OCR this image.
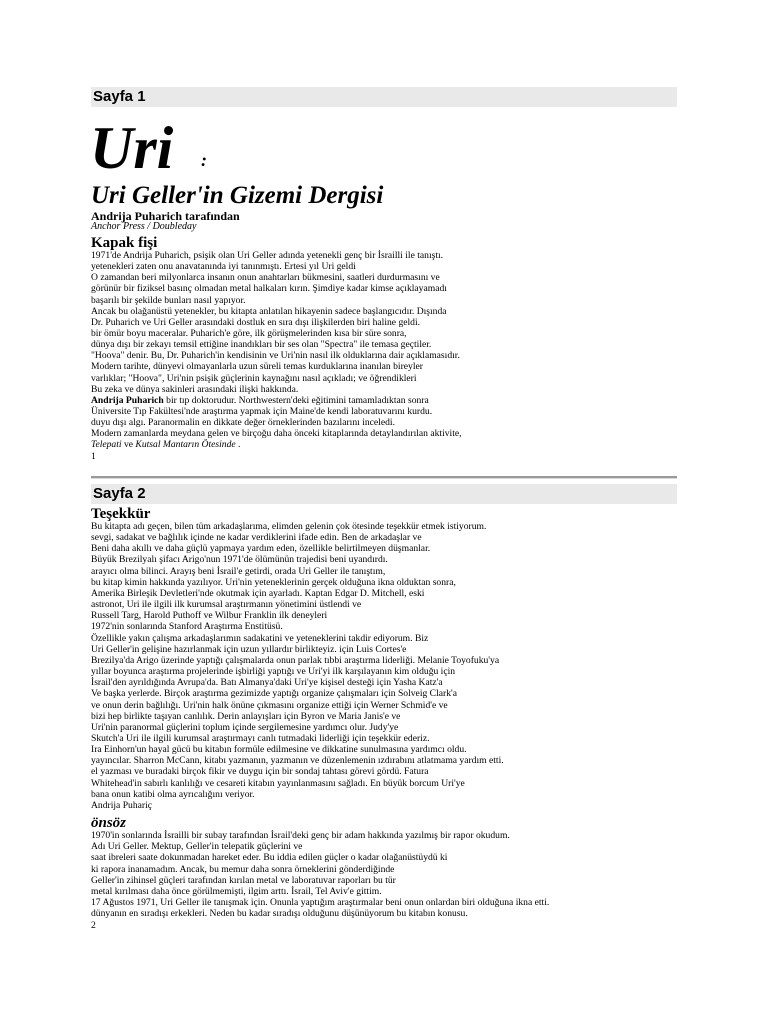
Sayfa 1
Uri :
Uri Geller'in Gizemi Dergisi
Andrija Puharich tarafından
Anchor Press / Doubleday
Kapak fişi
1971'de Andrija Puharich, psişik olan Uri Geller adında yetenekli genç bir İsrailli ile tanıştı.
yetenekleri zaten onu anavatanında iyi tanınmıştı. Ertesi yıl Uri geldi
O zamandan beri milyonlarca insanın onun anahtarları bükmesini, saatleri durdurmasını ve
görünür bir fiziksel basınç olmadan metal halkaları kırın. Şimdiye kadar kimse açıklayamadı
başarılı bir şekilde bunları nasıl yapıyor.
Ancak bu olağanüstü yetenekler, bu kitapta anlatılan hikayenin sadece başlangıcıdır. Dışında
Dr. Puharich ve Uri Geller arasındaki dostluk en sıra dışı ilişkilerden biri haline geldi.
bir ömür boyu maceralar. Puharich'e göre, ilk görüşmelerinden kısa bir süre sonra,
dünya dışı bir zekayı temsil ettiğine inandıkları bir ses olan "Spectra" ile temasa geçtiler.
"Hoova" denir. Bu, Dr. Puharich'in kendisinin ve Uri'nin nasıl ilk olduklarına dair açıklamasıdır.
Modern tarihte, dünyevi olmayanlarla uzun süreli temas kurduklarına inanılan bireyler
varlıklar; "Hoova", Uri'nin psişik güçlerinin kaynağını nasıl açıkladı; ve öğrendikleri
Bu zeka ve dünya sakinleri arasındaki ilişki hakkında.
Andrija Puharich bir tıp doktorudur. Northwestern'deki eğitimini tamamladıktan sonra
Üniversite Tıp Fakültesi'nde araştırma yapmak için Maine'de kendi laboratuvarını kurdu.
duyu dışı algı. Paranormalin en dikkate değer örneklerinden bazılarını inceledi.
Modern zamanlarda meydana gelen ve birçoğu daha önceki kitaplarında detaylandırılan aktivite,
Telepati ve Kutsal Mantarın Ötesinde .
1
Sayfa 2
Teşekkür
Bu kitapta adı geçen, bilen tüm arkadaşlarıma, elimden gelenin çok ötesinde teşekkür etmek istiyorum.
sevgi, sadakat ve bağlılık içinde ne kadar verdiklerini ifade edin. Ben de arkadaşlar ve
Beni daha akıllı ve daha güçlü yapmaya yardım eden, özellikle belirtilmeyen düşmanlar.
Büyük Brezilyalı şifacı Arigo'nun 1971'de ölümünün trajedisi beni uyandırdı.
arayıcı olma bilinci. Arayış beni İsrail'e getirdi, orada Uri Geller ile tanıştım,
bu kitap kimin hakkında yazılıyor. Uri'nin yeteneklerinin gerçek olduğuna ikna olduktan sonra,
Amerika Birleşik Devletleri'nde okutmak için ayarladı. Kaptan Edgar D. Mitchell, eski
astronot, Uri ile ilgili ilk kurumsal araştırmanın yönetimini üstlendi ve
Russell Targ, Harold Puthoff ve Wilbur Franklin ilk deneyleri
1972'nin sonlarında Stanford Araştırma Enstitüsü.
Özellikle yakın çalışma arkadaşlarımın sadakatini ve yeteneklerini takdir ediyorum. Biz
Uri Geller'in gelişine hazırlanmak için uzun yıllardır birlikteyiz. için Luis Cortes'e
Brezilya'da Arigo üzerinde yaptığı çalışmalarda onun parlak tıbbi araştırma liderliği. Melanie Toyofuku'ya
yıllar boyunca araştırma projelerinde işbirliği yaptığı ve Uri'yi ilk karşılayanın kim olduğu için
İsrail'den ayrıldığında Avrupa'da. Batı Almanya'daki Uri'ye kişisel desteği için Yasha Katz'a
Ve başka yerlerde. Birçok araştırma gezimizde yaptığı organize çalışmaları için Solveig Clark'a
ve onun derin bağlılığı. Uri'nin halk önüne çıkmasını organize ettiği için Werner Schmid'e ve
bizi hep birlikte taşıyan canlılık. Derin anlayışları için Byron ve Maria Janis'e ve
Uri'nin paranormal güçlerini toplum içinde sergilemesine yardımcı olur. Judy'ye
Skutch'a Uri ile ilgili kurumsal araştırmayı canlı tutmadaki liderliği için teşekkür ederiz.
Ira Einhorn'un hayal gücü bu kitabın formüle edilmesine ve dikkatine sunulmasına yardımcı oldu.
yayıncılar. Sharron McCann, kitabı yazmanın, yazmanın ve düzenlemenin ızdırabını atlatmama yardım etti.
el yazması ve buradaki birçok fikir ve duygu için bir sondaj tahtası görevi gördü. Fatura
Whitehead'in sabırlı kanlılığı ve cesareti kitabın yayınlanmasını sağladı. En büyük borcum Uri'ye
bana onun katibi olma ayrıcalığını veriyor.
Andrija Puhariç
önsöz
1970'in sonlarında İsrailli bir subay tarafından İsrail'deki genç bir adam hakkında yazılmış bir rapor okudum.
Adı Uri Geller. Mektup, Geller'in telepatik güçlerini ve
saat ibreleri saate dokunmadan hareket eder. Bu iddia edilen güçler o kadar olağanüstüydü ki
ki rapora inanamadım. Ancak, bu memur daha sonra örneklerini gönderdiğinde
Geller'in zihinsel güçleri tarafından kırılan metal ve laboratuvar raporları bu tür
metal kırılması daha önce görülmemişti, ilgim arttı. İsrail, Tel Aviv'e gittim.
17 Ağustos 1971, Uri Geller ile tanışmak için. Onunla yaptığım araştırmalar beni onun onlardan biri olduğuna ikna etti.
dünyanın en sıradışı erkekleri. Neden bu kadar sıradışı olduğunu düşünüyorum bu kitabın konusu.
2
